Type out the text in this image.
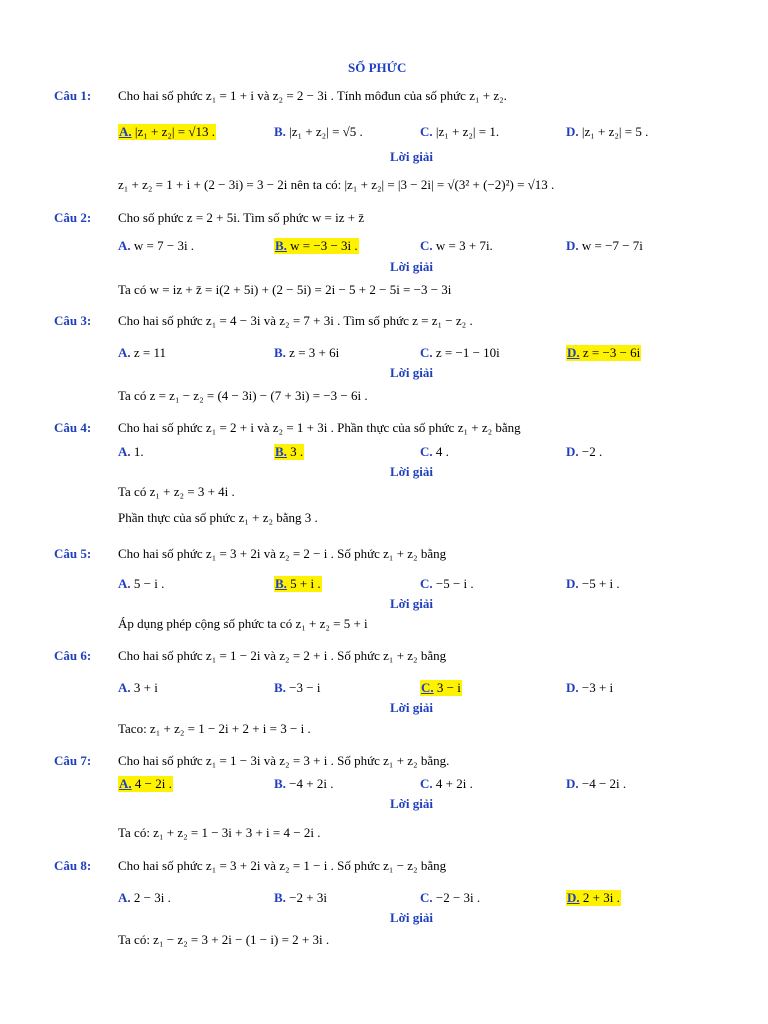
SỐ PHỨC
Câu 1: Cho hai số phức z₁ = 1 + i và z₂ = 2 − 3i . Tính môđun của số phức z₁ + z₂.
A. |z₁ + z₂| = √13 .	B. |z₁ + z₂| = √5 .	C. |z₁ + z₂| = 1.	D. |z₁ + z₂| = 5 .
Lời giải
z₁ + z₂ = 1 + i + (2 − 3i) = 3 − 2i nên ta có: |z₁ + z₂| = |3 − 2i| = √(3² + (−2)²) = √13 .
Câu 2: Cho số phức z = 2 + 5i. Tìm số phức w = iz + z̄
A. w = 7 − 3i .	B. w = −3 − 3i .	C. w = 3 + 7i.	D. w = −7 − 7i
Lời giải
Ta có w = iz + z̄ = i(2 + 5i) + (2 − 5i) = 2i − 5 + 2 − 5i = −3 − 3i
Câu 3: Cho hai số phức z₁ = 4 − 3i và z₂ = 7 + 3i . Tìm số phức z = z₁ − z₂ .
A. z = 11	B. z = 3 + 6i	C. z = −1 − 10i	D. z = −3 − 6i
Lời giải
Ta có z = z₁ − z₂ = (4 − 3i) − (7 + 3i) = −3 − 6i .
Câu 4: Cho hai số phức z₁ = 2 + i và z₂ = 1 + 3i . Phần thực của số phức z₁ + z₂ bằng
A. 1.	B. 3 .	C. 4 .	D. −2 .
Lời giải
Ta có z₁ + z₂ = 3 + 4i .
Phần thực của số phức z₁ + z₂ bằng 3 .
Câu 5: Cho hai số phức z₁ = 3 + 2i và z₂ = 2 − i . Số phức z₁ + z₂ bằng
A. 5 − i .	B. 5 + i .	C. −5 − i .	D. −5 + i .
Lời giải
Áp dụng phép cộng số phức ta có z₁ + z₂ = 5 + i
Câu 6: Cho hai số phức z₁ = 1 − 2i và z₂ = 2 + i . Số phức z₁ + z₂ bằng
A. 3 + i	B. −3 − i	C. 3 − i	D. −3 + i
Lời giải
Taco: z₁ + z₂ = 1 − 2i + 2 + i = 3 − i .
Câu 7: Cho hai số phức z₁ = 1 − 3i và z₂ = 3 + i . Số phức z₁ + z₂ bằng.
A. 4 − 2i .	B. −4 + 2i .	C. 4 + 2i .	D. −4 − 2i .
Lời giải
Ta có: z₁ + z₂ = 1 − 3i + 3 + i = 4 − 2i .
Câu 8: Cho hai số phức z₁ = 3 + 2i và z₂ = 1 − i . Số phức z₁ − z₂ bằng
A. 2 − 3i .	B. −2 + 3i	C. −2 − 3i .	D. 2 + 3i .
Lời giải
Ta có: z₁ − z₂ = 3 + 2i − (1 − i) = 2 + 3i .
